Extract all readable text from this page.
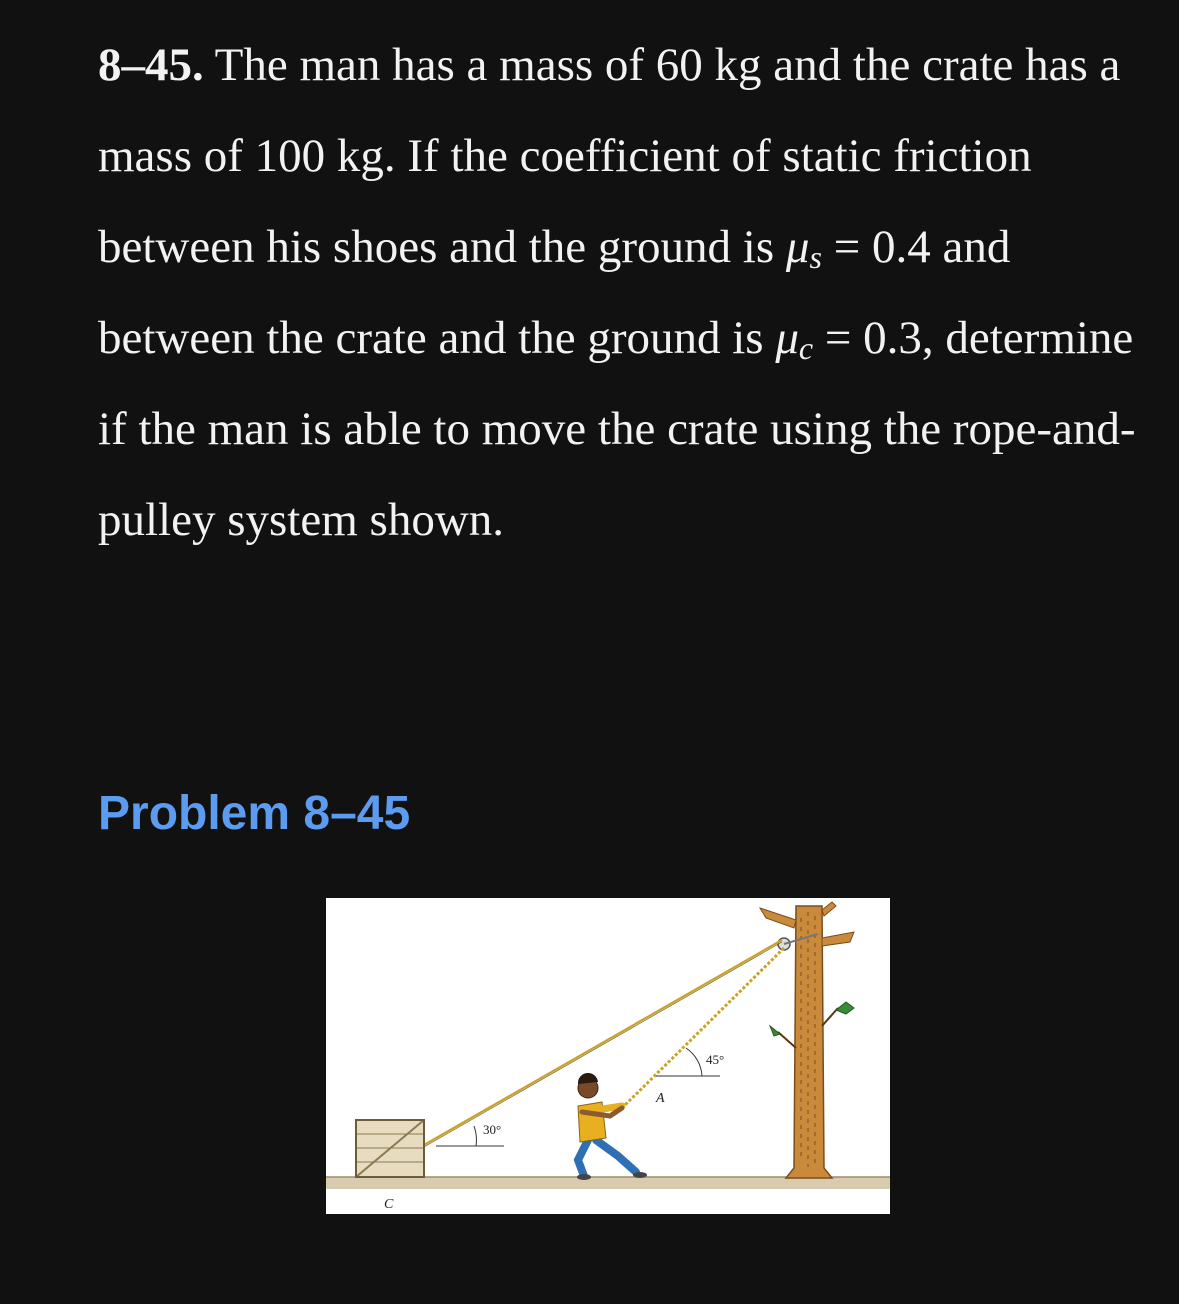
8–45. The man has a mass of 60 kg and the crate has a mass of 100 kg. If the coefficient of static friction between his shoes and the ground is $\mu_s = 0.4$ and between the crate and the ground is $\mu_c = 0.3$, determine if the man is able to move the crate using the rope-and-pulley system shown.

Problem 8–45
30°
45°
A
C
